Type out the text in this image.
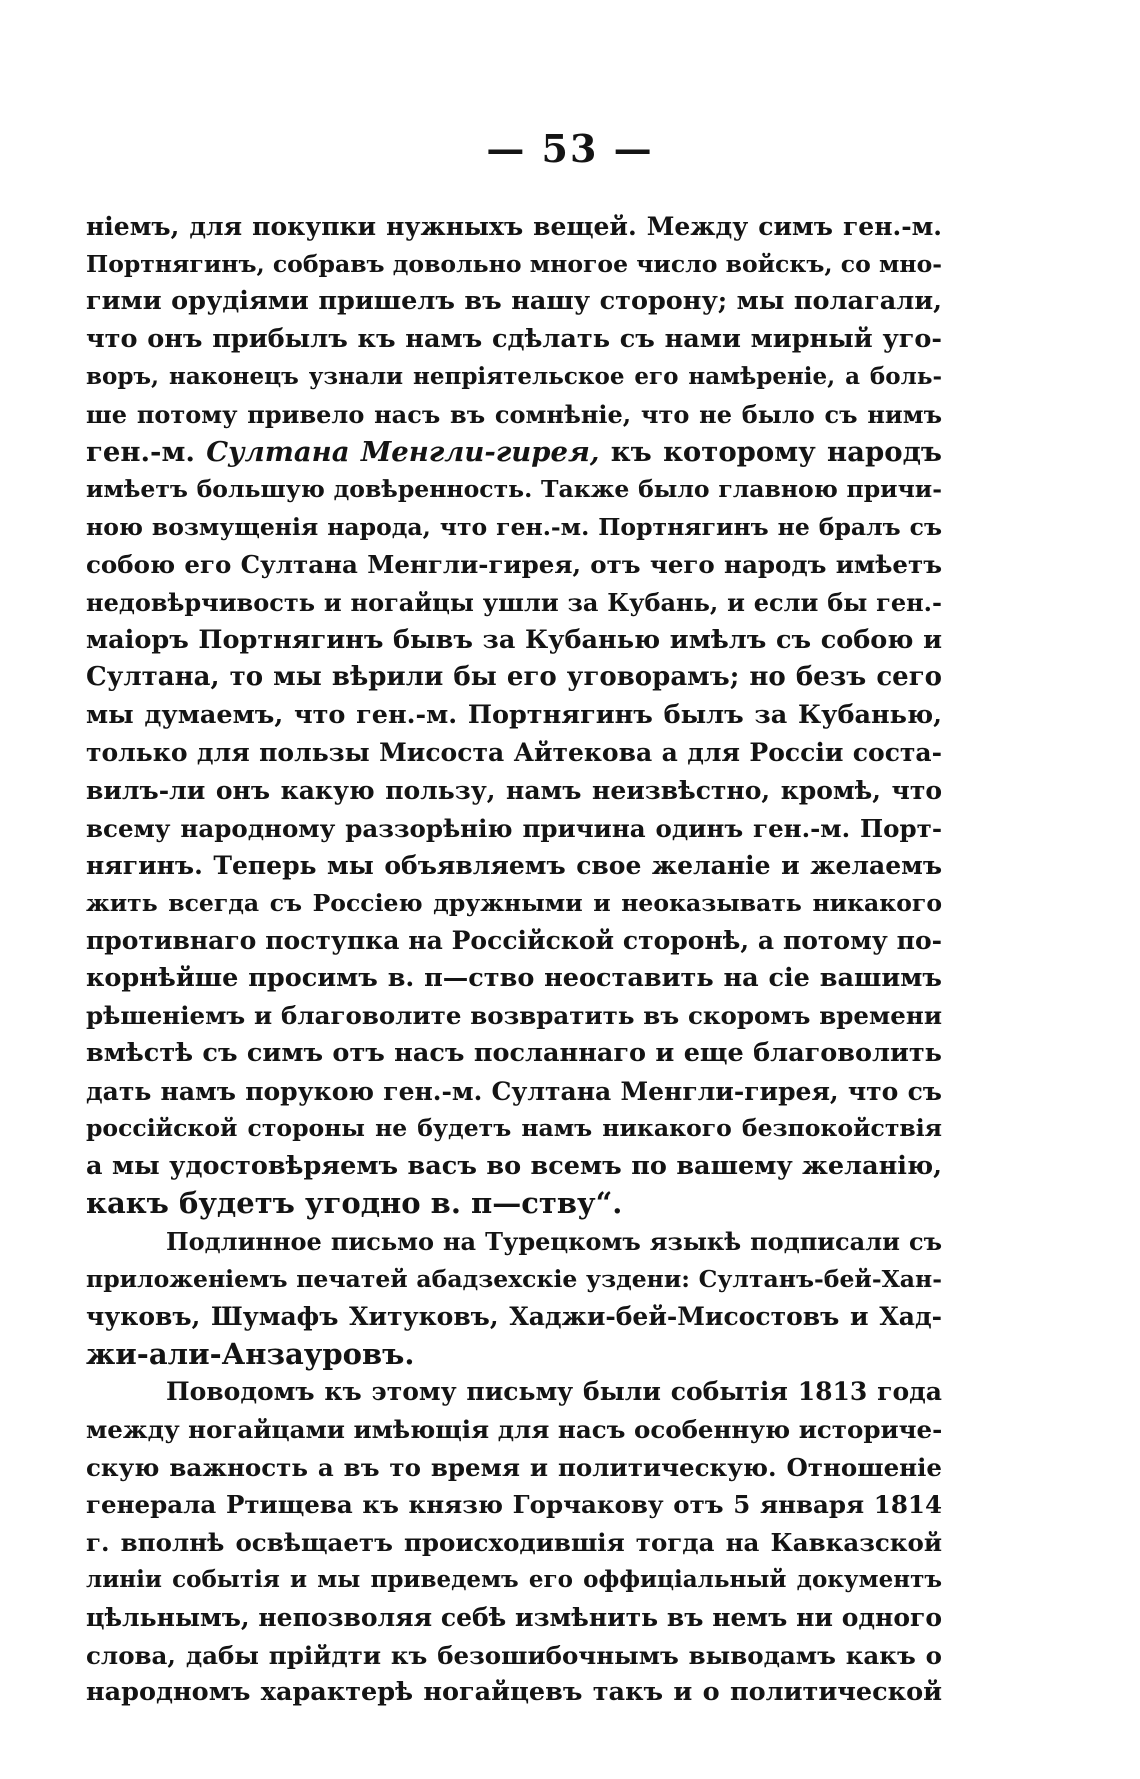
— 53 —
ніемъ, для покупки нужныхъ вещей. Между симъ ген.-м.
Портнягинъ, собравъ довольно многое число войскъ, со мно-
гими орудіями пришелъ въ нашу сторону; мы полагали,
что онъ прибылъ къ намъ сдѣлать съ нами мирный уго-
воръ, наконецъ узнали непріятельское его намѣреніе, а боль-
ше потому привело насъ въ сомнѣніе, что не было съ нимъ
ген.-м. Султана Менгли-гирея, къ которому народъ
имѣетъ большую довѣренность. Также было главною причи-
ною возмущенія народа, что ген.-м. Портнягинъ не бралъ съ
собою его Султана Менгли-гирея, отъ чего народъ имѣетъ
недовѣрчивость и ногайцы ушли за Кубань, и если бы ген.-
маіоръ Портнягинъ бывъ за Кубанью имѣлъ съ собою и
Султана, то мы вѣрили бы его уговорамъ; но безъ сего
мы думаемъ, что ген.-м. Портнягинъ былъ за Кубанью,
только для пользы Мисоста Айтекова а для Россіи соста-
вилъ-ли онъ какую пользу, намъ неизвѣстно, кромѣ, что
всему народному раззорѣнію причина одинъ ген.-м. Порт-
нягинъ. Теперь мы объявляемъ свое желаніе и желаемъ
жить всегда съ Россіею дружными и неоказывать никакого
противнаго поступка на Россійской сторонѣ, а потому по-
корнѣйше просимъ в. п—ство неоставить на сіе вашимъ
рѣшеніемъ и благоволите возвратить въ скоромъ времени
вмѣстѣ съ симъ отъ насъ посланнаго и еще благоволить
дать намъ порукою ген.-м. Султана Менгли-гирея, что съ
россійской стороны не будетъ намъ никакого безпокойствія
а мы удостовѣряемъ васъ во всемъ по вашему желанію,
какъ будетъ угодно в. п—ству“.
Подлинное письмо на Турецкомъ языкѣ подписали съ
приложеніемъ печатей абадзехскіе уздени: Султанъ-бей-Хан-
чуковъ, Шумафъ Хитуковъ, Хаджи-бей-Мисостовъ и Хад-
жи-али-Анзауровъ.
Поводомъ къ этому письму были событія 1813 года
между ногайцами имѣющія для насъ особенную историче-
скую важность а въ то время и политическую. Отношеніе
генерала Ртищева къ князю Горчакову отъ 5 января 1814
г. вполнѣ освѣщаетъ происходившія тогда на Кавказской
линіи событія и мы приведемъ его оффиціальный документъ
цѣльнымъ, непозволяя себѣ измѣнить въ немъ ни одного
слова, дабы прійдти къ безошибочнымъ выводамъ какъ о
народномъ характерѣ ногайцевъ такъ и о политической
